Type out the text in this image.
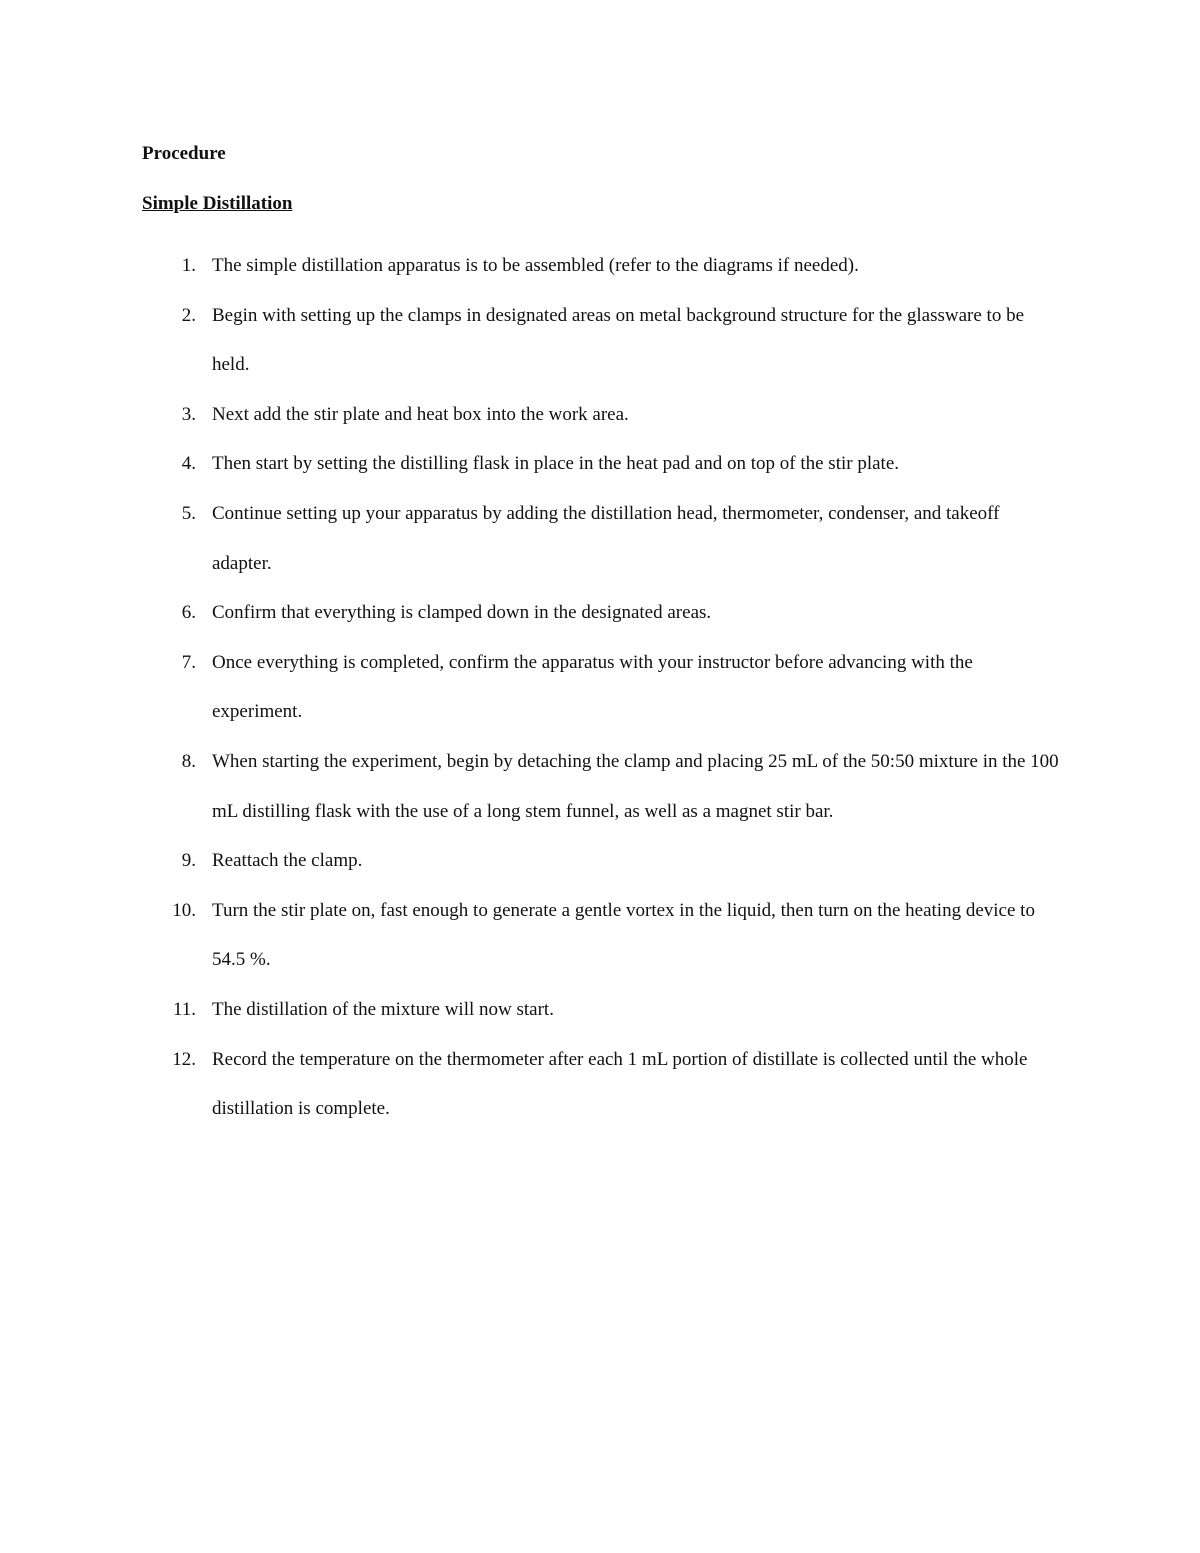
Procedure
Simple Distillation
1. The simple distillation apparatus is to be assembled (refer to the diagrams if needed).
2. Begin with setting up the clamps in designated areas on metal background structure for the glassware to be held.
3. Next add the stir plate and heat box into the work area.
4. Then start by setting the distilling flask in place in the heat pad and on top of the stir plate.
5. Continue setting up your apparatus by adding the distillation head, thermometer, condenser, and takeoff adapter.
6. Confirm that everything is clamped down in the designated areas.
7. Once everything is completed, confirm the apparatus with your instructor before advancing with the experiment.
8. When starting the experiment, begin by detaching the clamp and placing 25 mL of the 50:50 mixture in the 100 mL distilling flask with the use of a long stem funnel, as well as a magnet stir bar.
9. Reattach the clamp.
10. Turn the stir plate on, fast enough to generate a gentle vortex in the liquid, then turn on the heating device to 54.5 %.
11. The distillation of the mixture will now start.
12. Record the temperature on the thermometer after each 1 mL portion of distillate is collected until the whole distillation is complete.
